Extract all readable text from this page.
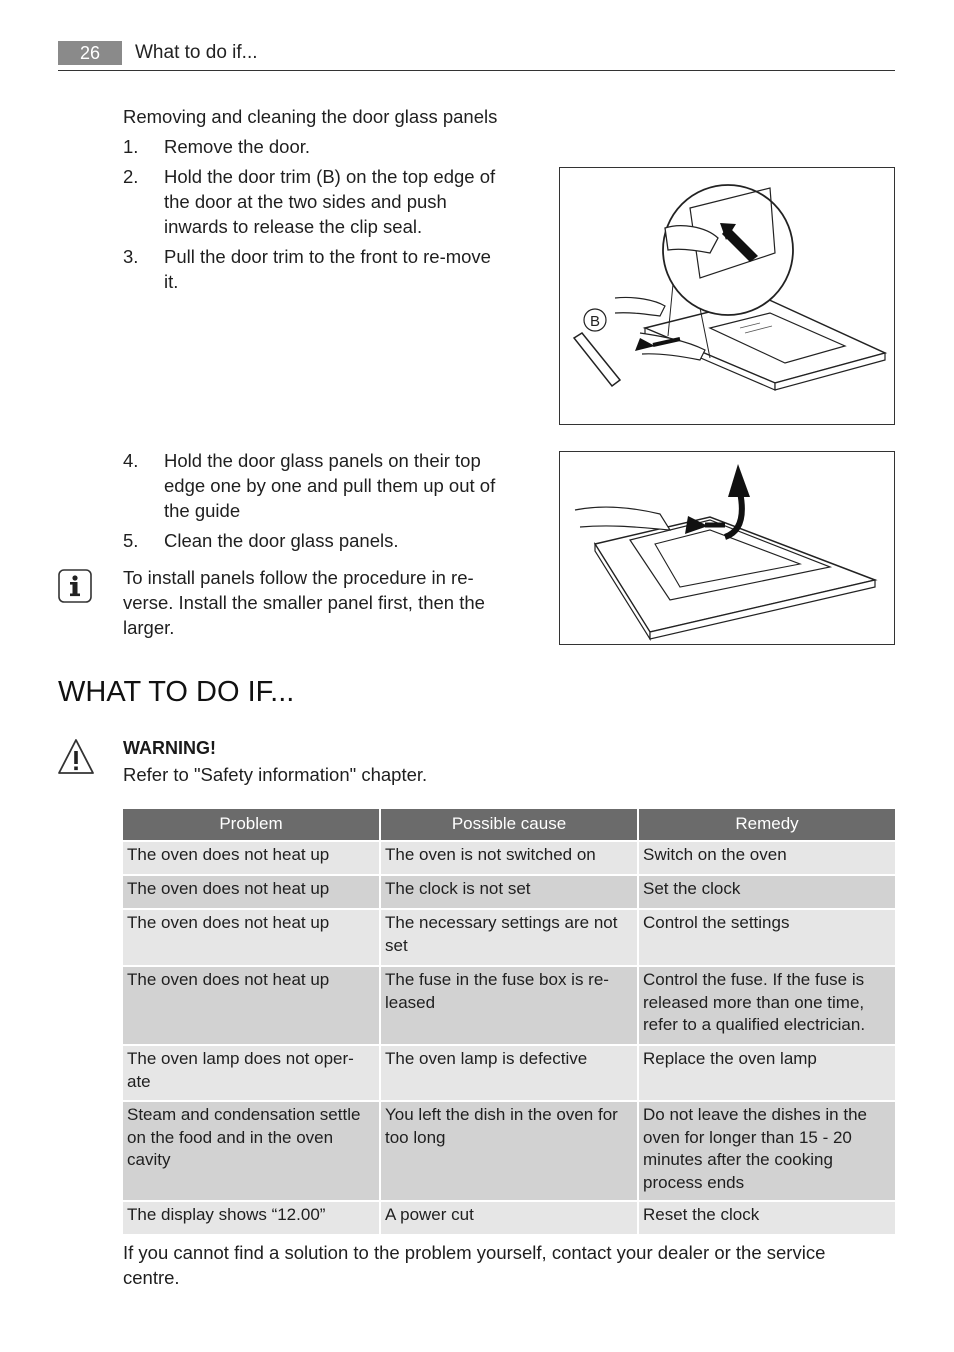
26	What to do if...
Removing and cleaning the door glass panels
1.	Remove the door.
2.	Hold the door trim (B) on the top edge of the door at the two sides and push inwards to release the clip seal.
3.	Pull the door trim to the front to re-move it.
B
4.	Hold the door glass panels on their top edge one by one and pull them up out of the guide
5.	Clean the door glass panels.
To install panels follow the procedure in re-verse. Install the smaller panel first, then the larger.
WHAT TO DO IF...
WARNING!
Refer to "Safety information" chapter.
Problem	Possible cause	Remedy
The oven does not heat up	The oven is not switched on	Switch on the oven
The oven does not heat up	The clock is not set	Set the clock
The oven does not heat up	The necessary settings are not set	Control the settings
The oven does not heat up	The fuse in the fuse box is re-leased	Control the fuse. If the fuse is released more than one time, refer to a qualified electrician.
The oven lamp does not oper-ate	The oven lamp is defective	Replace the oven lamp
Steam and condensation settle on the food and in the oven cavity	You left the dish in the oven for too long	Do not leave the dishes in the oven for longer than 15 - 20 minutes after the cooking process ends
The display shows “12.00”	A power cut	Reset the clock
If you cannot find a solution to the problem yourself, contact your dealer or the service centre.
